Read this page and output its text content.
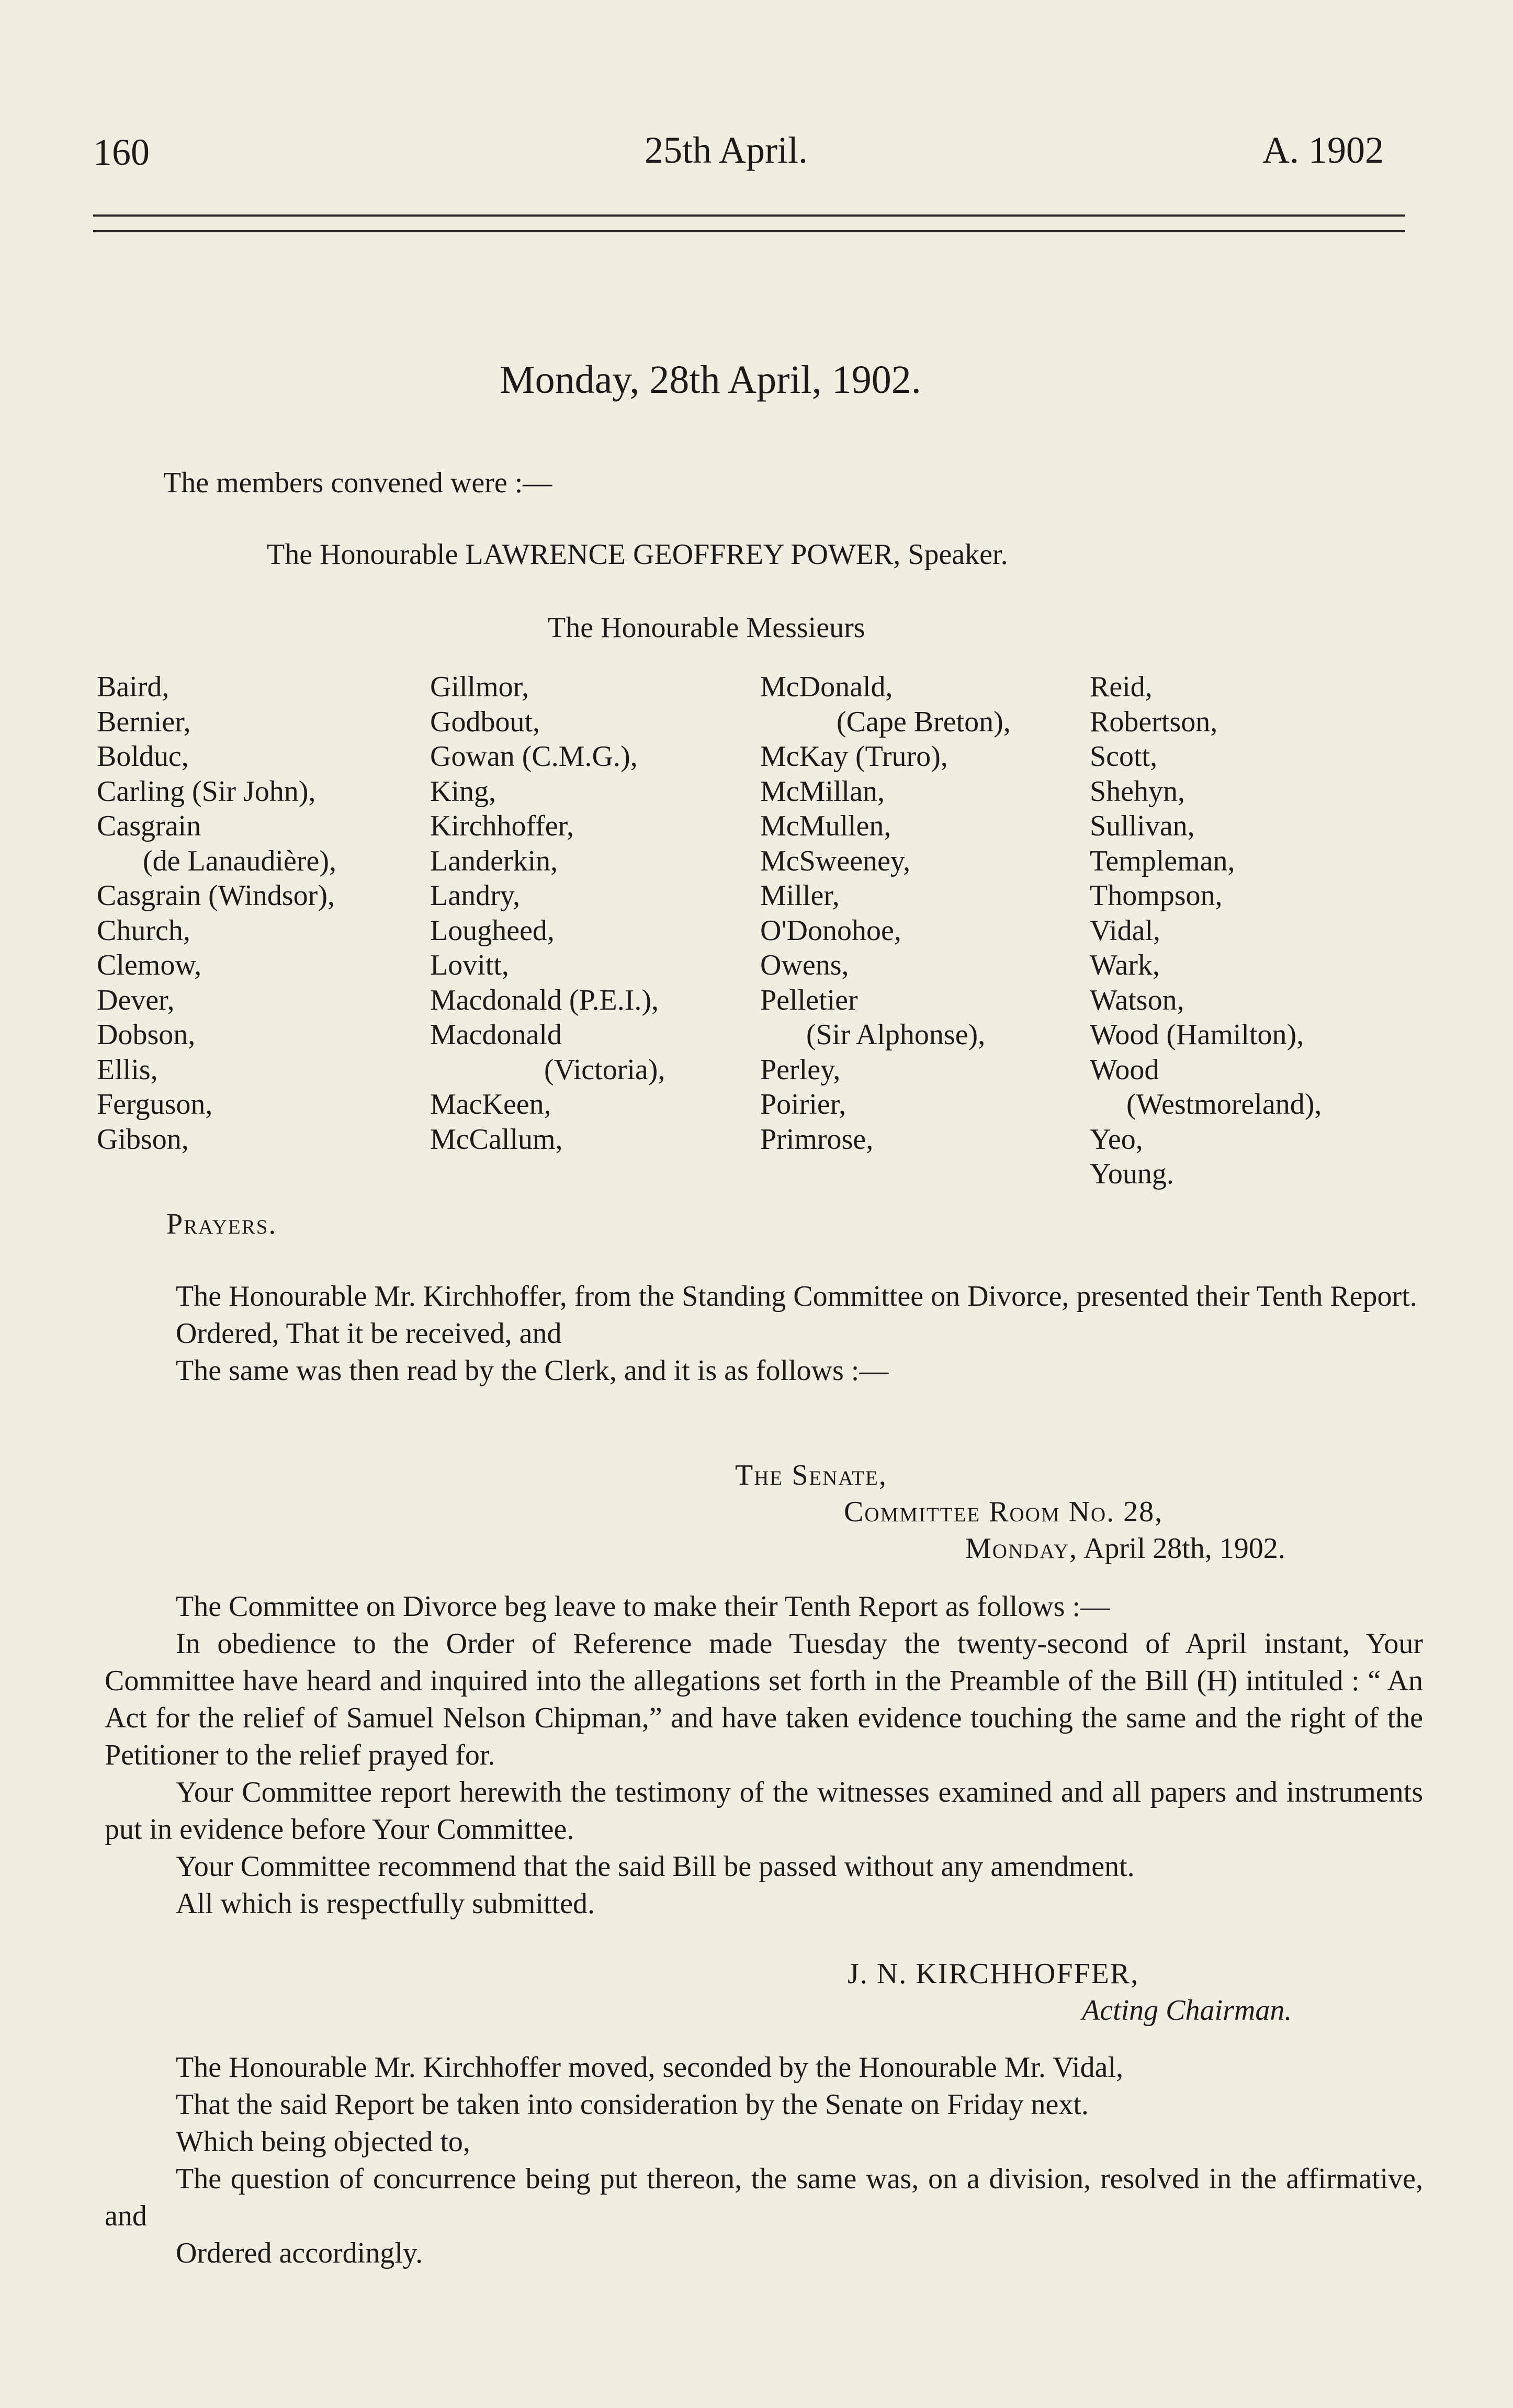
160	25th April.	A. 1902
Monday, 28th April, 1902.
The members convened were :—
The Honourable LAWRENCE GEOFFREY POWER, Speaker.
The Honourable Messieurs
Baird,
Bernier,
Bolduc,
Carling (Sir John),
Casgrain
(de Lanaudière),
Casgrain (Windsor),
Church,
Clemow,
Dever,
Dobson,
Ellis,
Ferguson,
Gibson,
Gillmor,
Godbout,
Gowan (C.M.G.),
King,
Kirchhoffer,
Landerkin,
Landry,
Lougheed,
Lovitt,
Macdonald (P.E.I.),
Macdonald
(Victoria),
MacKeen,
McCallum,
McDonald,
(Cape Breton),
McKay (Truro),
McMillan,
McMullen,
McSweeney,
Miller,
O'Donohoe,
Owens,
Pelletier
(Sir Alphonse),
Perley,
Poirier,
Primrose,
Reid,
Robertson,
Scott,
Shehyn,
Sullivan,
Templeman,
Thompson,
Vidal,
Wark,
Watson,
Wood (Hamilton),
Wood
(Westmoreland),
Yeo,
Young.
Prayers.

The Honourable Mr. Kirchhoffer, from the Standing Committee on Divorce, presented their Tenth Report.

Ordered, That it be received, and

The same was then read by the Clerk, and it is as follows :—

The Senate,
Committee Room No. 28,
Monday, April 28th, 1902.

The Committee on Divorce beg leave to make their Tenth Report as follows :—

In obedience to the Order of Reference made Tuesday the twenty-second of April instant, Your Committee have heard and inquired into the allegations set forth in the Preamble of the Bill (H) intituled : “ An Act for the relief of Samuel Nelson Chipman,” and have taken evidence touching the same and the right of the Petitioner to the relief prayed for.

Your Committee report herewith the testimony of the witnesses examined and all papers and instruments put in evidence before Your Committee.

Your Committee recommend that the said Bill be passed without any amendment.

All which is respectfully submitted.

J. N. KIRCHHOFFER,
Acting Chairman.

The Honourable Mr. Kirchhoffer moved, seconded by the Honourable Mr. Vidal,

That the said Report be taken into consideration by the Senate on Friday next.

Which being objected to,

The question of concurrence being put thereon, the same was, on a division, resolved in the affirmative, and

Ordered accordingly.
